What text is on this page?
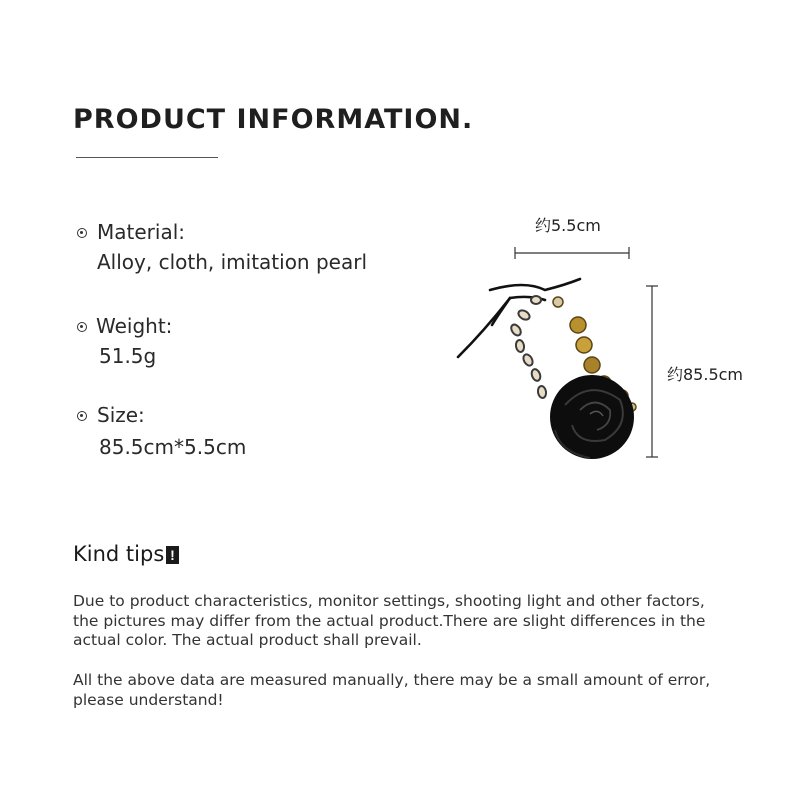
PRODUCT INFORMATION.
Material:
Alloy, cloth, imitation pearl
Weight:
51.5g
Size:
85.5cm*5.5cm
约5.5cm
约85.5cm
Kind tips !
Due to product characteristics, monitor settings, shooting light and other factors, the pictures may differ from the actual product.There are slight differences in the actual color. The actual product shall prevail.
All the above data are measured manually, there may be a small amount of error, please understand!
